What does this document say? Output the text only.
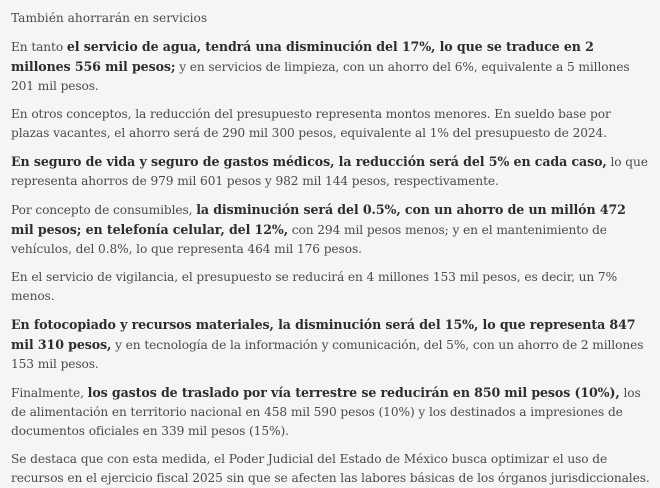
También ahorrarán en servicios

En tanto el servicio de agua, tendrá una disminución del 17%, lo que se traduce en 2 millones 556 mil pesos; y en servicios de limpieza, con un ahorro del 6%, equivalente a 5 millones 201 mil pesos.

En otros conceptos, la reducción del presupuesto representa montos menores. En sueldo base por plazas vacantes, el ahorro será de 290 mil 300 pesos, equivalente al 1% del presupuesto de 2024.

En seguro de vida y seguro de gastos médicos, la reducción será del 5% en cada caso, lo que representa ahorros de 979 mil 601 pesos y 982 mil 144 pesos, respectivamente.

Por concepto de consumibles, la disminución será del 0.5%, con un ahorro de un millón 472 mil pesos; en telefonía celular, del 12%, con 294 mil pesos menos; y en el mantenimiento de vehículos, del 0.8%, lo que representa 464 mil 176 pesos.

En el servicio de vigilancia, el presupuesto se reducirá en 4 millones 153 mil pesos, es decir, un 7% menos.

En fotocopiado y recursos materiales, la disminución será del 15%, lo que representa 847 mil 310 pesos, y en tecnología de la información y comunicación, del 5%, con un ahorro de 2 millones 153 mil pesos.

Finalmente, los gastos de traslado por vía terrestre se reducirán en 850 mil pesos (10%), los de alimentación en territorio nacional en 458 mil 590 pesos (10%) y los destinados a impresiones de documentos oficiales en 339 mil pesos (15%).

Se destaca que con esta medida, el Poder Judicial del Estado de México busca optimizar el uso de recursos en el ejercicio fiscal 2025 sin que se afecten las labores básicas de los órganos jurisdiccionales.
